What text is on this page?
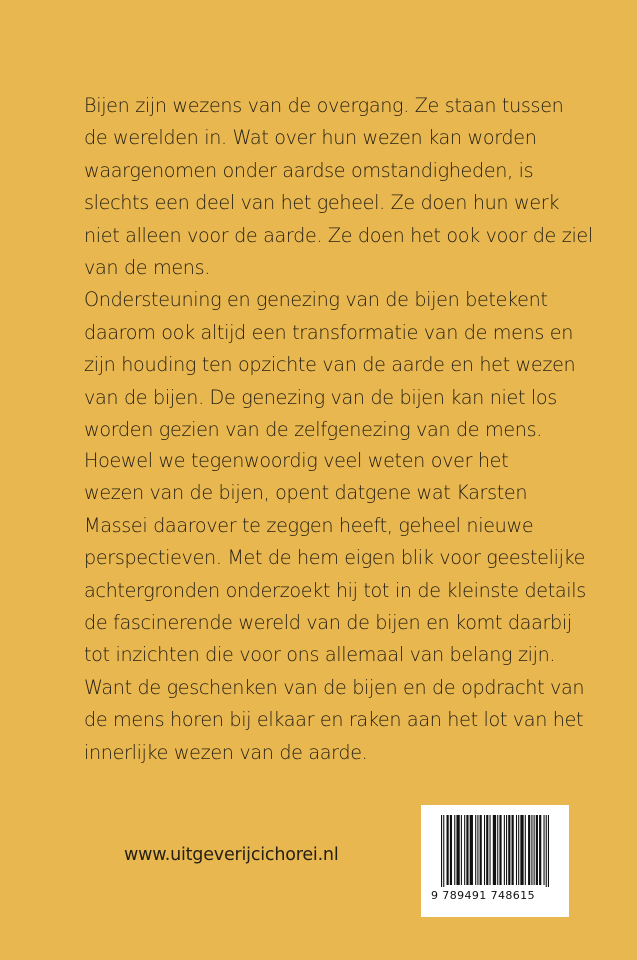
Bijen zijn wezens van de overgang. Ze staan tussen
de werelden in. Wat over hun wezen kan worden
waargenomen onder aardse omstandigheden, is
slechts een deel van het geheel. Ze doen hun werk
niet alleen voor de aarde. Ze doen het ook voor de ziel
van de mens.
Ondersteuning en genezing van de bijen betekent
daarom ook altijd een transformatie van de mens en
zijn houding ten opzichte van de aarde en het wezen
van de bijen. De genezing van de bijen kan niet los
worden gezien van de zelfgenezing van de mens.
Hoewel we tegenwoordig veel weten over het
wezen van de bijen, opent datgene wat Karsten
Massei daarover te zeggen heeft, geheel nieuwe
perspectieven. Met de hem eigen blik voor geestelijke
achtergronden onderzoekt hij tot in de kleinste details
de fascinerende wereld van de bijen en komt daarbij
tot inzichten die voor ons allemaal van belang zijn.
Want de geschenken van de bijen en de opdracht van
de mens horen bij elkaar en raken aan het lot van het
innerlijke wezen van de aarde.
www.uitgeverijcichorei.nl
9 789491 748615
